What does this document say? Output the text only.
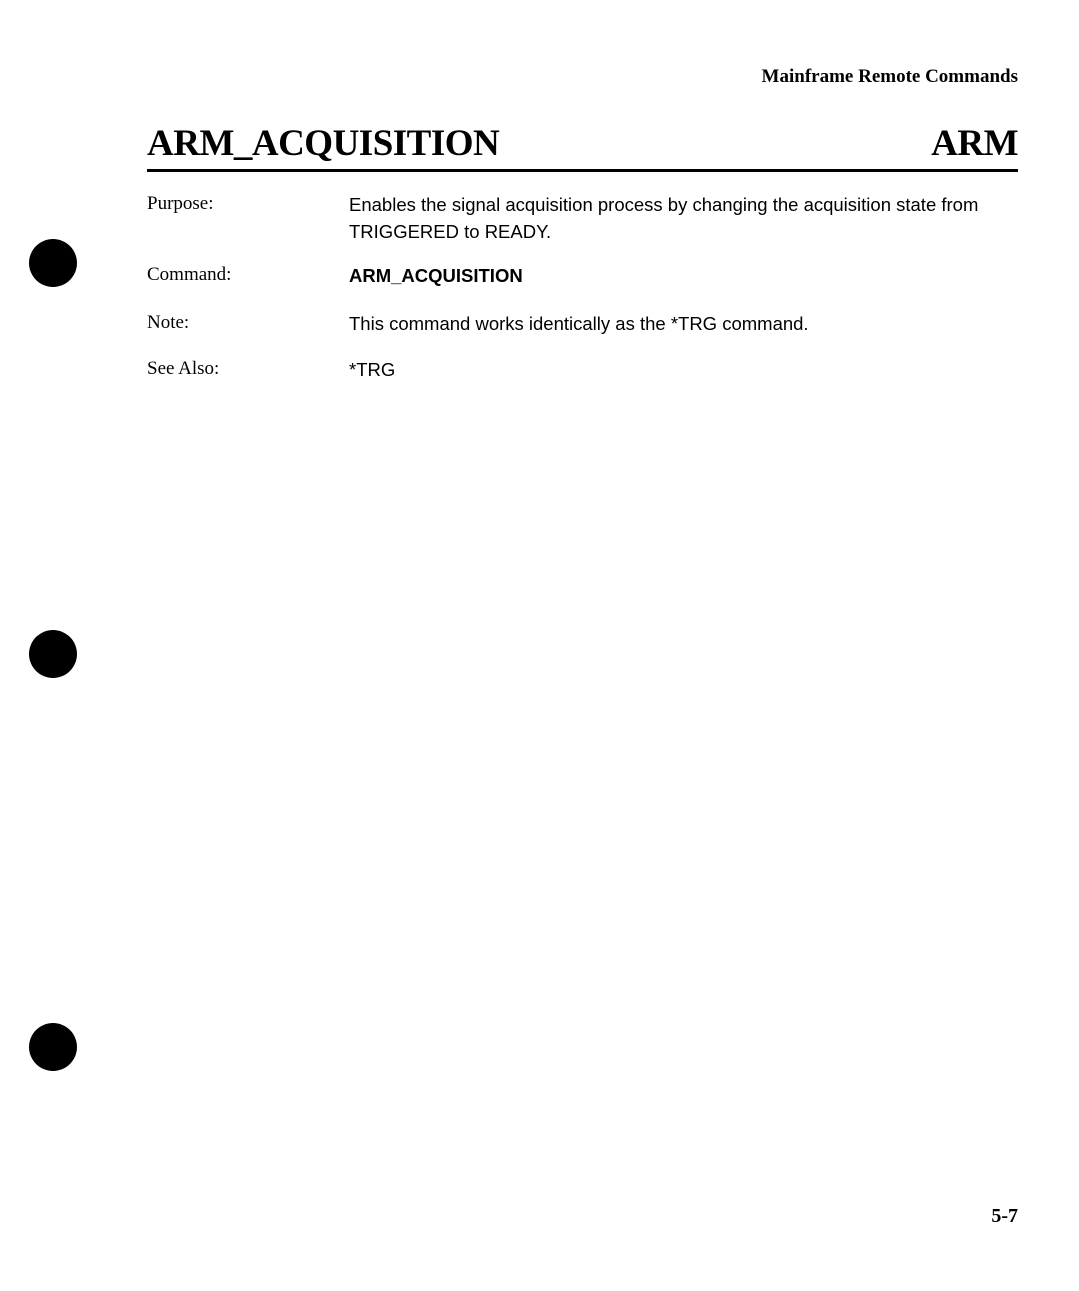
Mainframe Remote Commands
ARM_ACQUISITION	ARM
Purpose:	Enables the signal acquisition process by changing the acquisition state from TRIGGERED to READY.
Command:	ARM_ACQUISITION
Note:	This command works identically as the *TRG command.
See Also:	*TRG
5-7
